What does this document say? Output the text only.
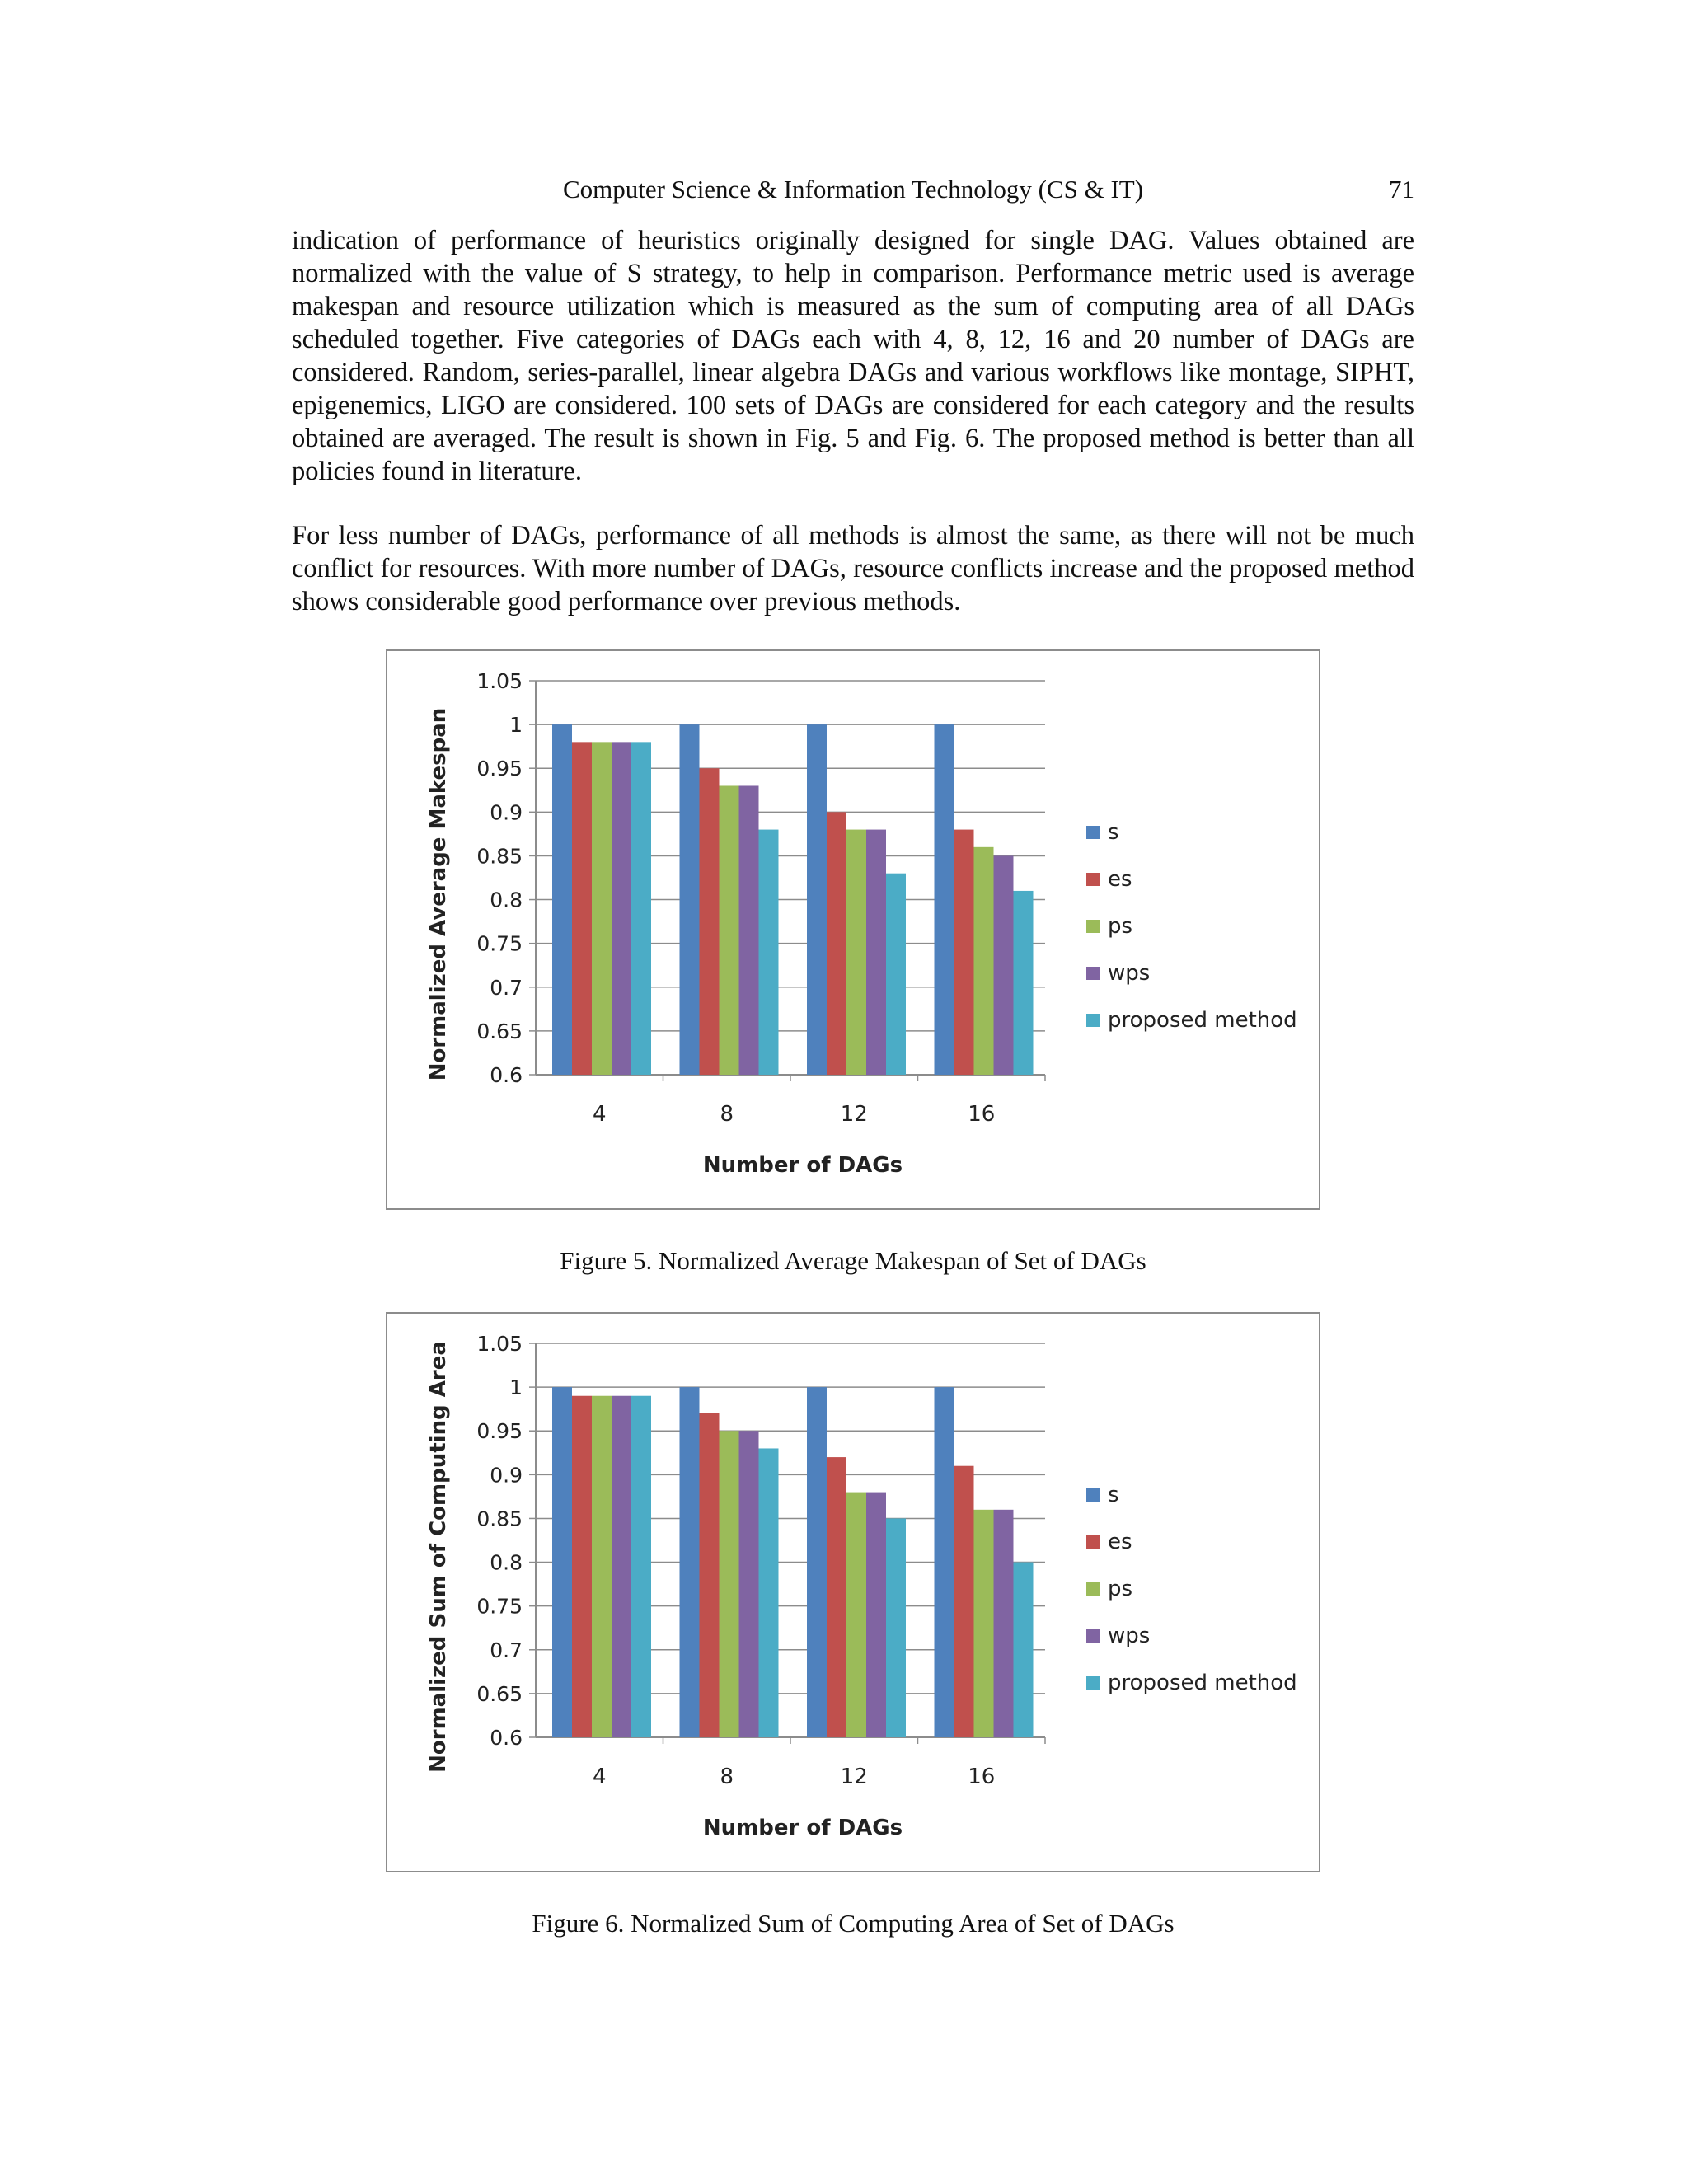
Computer Science & Information Technology (CS & IT)	71

indication of performance of heuristics originally designed for single DAG. Values obtained are normalized with the value of S strategy, to help in comparison. Performance metric used is average makespan and resource utilization which is measured as the sum of computing area of all DAGs scheduled together. Five categories of DAGs each with 4, 8, 12, 16 and 20 number of DAGs are considered. Random, series-parallel, linear algebra DAGs and various workflows like montage, SIPHT, epigenemics, LIGO are considered. 100 sets of DAGs are considered for each category and the results obtained are averaged. The result is shown in Fig. 5 and Fig. 6. The proposed method is better than all policies found in literature.

For less number of DAGs, performance of all methods is almost the same, as there will not be much conflict for resources. With more number of DAGs, resource conflicts increase and the proposed method shows considerable good performance over previous methods.

0.6
0.65
0.7
0.75
0.8
0.85
0.9
0.95
1
1.05
4	8	12	16
Number of DAGs
Normalized Average Makespan	s
es
ps
wps
proposed method
Figure 5. Normalized Average Makespan of Set of DAGs
0.6
0.65
0.7
0.75
0.8
0.85
0.9
0.95
1
1.05
4	8	12	16
Number of DAGs
Normalized Sum of Computing Area	s
es
ps
wps
proposed method
Figure 6. Normalized Sum of Computing Area of Set of DAGs
